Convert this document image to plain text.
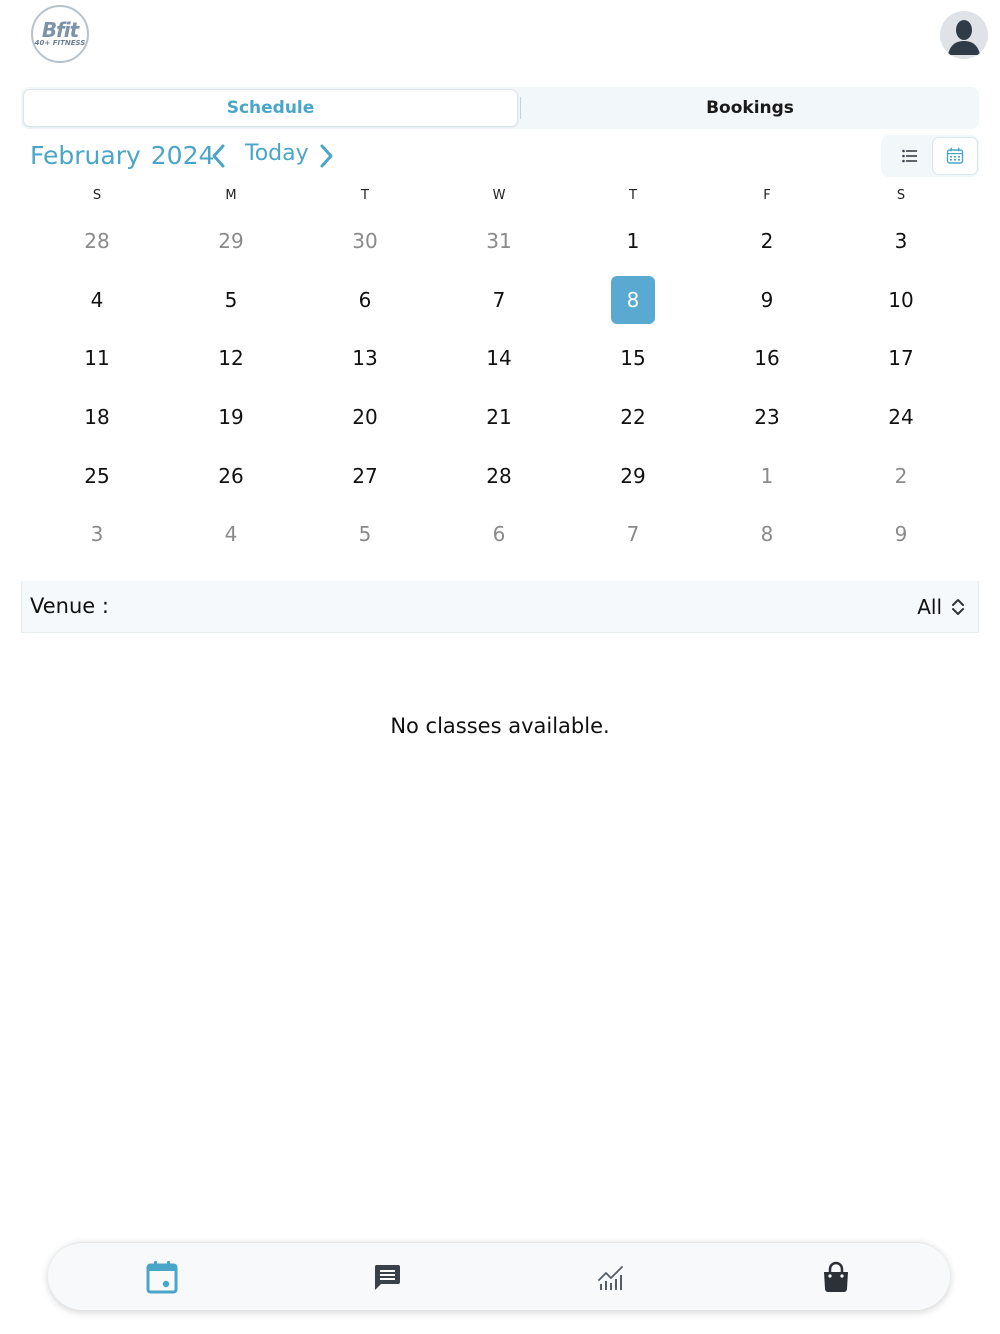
Bfit
40+ FITNESS
Schedule	Bookings
February 2024	Today
S	M	T	W	T	F	S
28	29	30	31	1	2	3
4	5	6	7	8	9	10
11	12	13	14	15	16	17
18	19	20	21	22	23	24
25	26	27	28	29	1	2
3	4	5	6	7	8	9
Venue :	All
No classes available.
